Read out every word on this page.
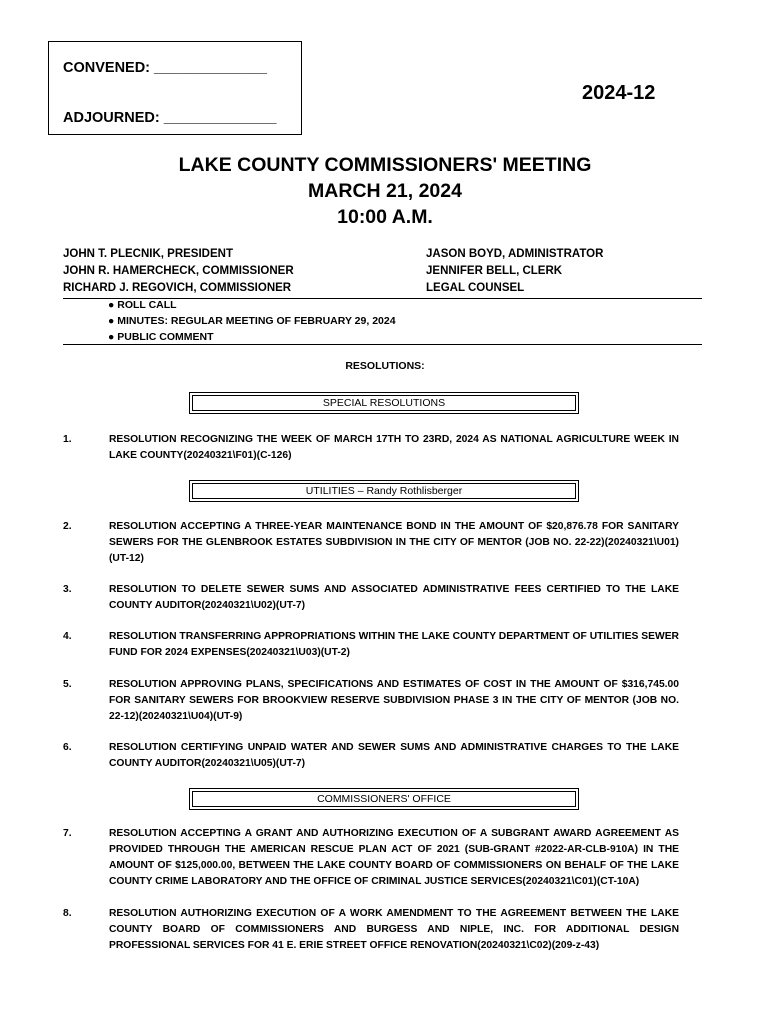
CONVENED: ______________
ADJOURNED: ______________
2024-12
LAKE COUNTY COMMISSIONERS' MEETING
MARCH 21, 2024
10:00 A.M.
JOHN T. PLECNIK, PRESIDENT
JOHN R. HAMERCHECK, COMMISSIONER
RICHARD J. REGOVICH, COMMISSIONER
JASON BOYD, ADMINISTRATOR
JENNIFER BELL, CLERK
LEGAL COUNSEL
● ROLL CALL
● MINUTES: REGULAR MEETING OF FEBRUARY 29, 2024
● PUBLIC COMMENT
RESOLUTIONS:
SPECIAL RESOLUTIONS
1.	RESOLUTION RECOGNIZING THE WEEK OF MARCH 17TH TO 23RD, 2024 AS NATIONAL AGRICULTURE WEEK IN LAKE COUNTY(20240321\F01)(C-126)
UTILITIES – Randy Rothlisberger
2.	RESOLUTION ACCEPTING A THREE-YEAR MAINTENANCE BOND IN THE AMOUNT OF $20,876.78 FOR SANITARY SEWERS FOR THE GLENBROOK ESTATES SUBDIVISION IN THE CITY OF MENTOR (JOB NO. 22-22)(20240321\U01)(UT-12)
3.	RESOLUTION TO DELETE SEWER SUMS AND ASSOCIATED ADMINISTRATIVE FEES CERTIFIED TO THE LAKE COUNTY AUDITOR(20240321\U02)(UT-7)
4.	RESOLUTION TRANSFERRING APPROPRIATIONS WITHIN THE LAKE COUNTY DEPARTMENT OF UTILITIES SEWER FUND FOR 2024 EXPENSES(20240321\U03)(UT-2)
5.	RESOLUTION APPROVING PLANS, SPECIFICATIONS AND ESTIMATES OF COST IN THE AMOUNT OF $316,745.00 FOR SANITARY SEWERS FOR BROOKVIEW RESERVE SUBDIVISION PHASE 3 IN THE CITY OF MENTOR (JOB NO. 22-12)(20240321\U04)(UT-9)
6.	RESOLUTION CERTIFYING UNPAID WATER AND SEWER SUMS AND ADMINISTRATIVE CHARGES TO THE LAKE COUNTY AUDITOR(20240321\U05)(UT-7)
COMMISSIONERS' OFFICE
7.	RESOLUTION ACCEPTING A GRANT AND AUTHORIZING EXECUTION OF A SUBGRANT AWARD AGREEMENT AS PROVIDED THROUGH THE AMERICAN RESCUE PLAN ACT OF 2021 (SUB-GRANT #2022-AR-CLB-910A) IN THE AMOUNT OF $125,000.00, BETWEEN THE LAKE COUNTY BOARD OF COMMISSIONERS ON BEHALF OF THE LAKE COUNTY CRIME LABORATORY AND THE OFFICE OF CRIMINAL JUSTICE SERVICES(20240321\C01)(CT-10A)
8.	RESOLUTION AUTHORIZING EXECUTION OF A WORK AMENDMENT TO THE AGREEMENT BETWEEN THE LAKE COUNTY BOARD OF COMMISSIONERS AND BURGESS AND NIPLE, INC. FOR ADDITIONAL DESIGN PROFESSIONAL SERVICES FOR 41 E. ERIE STREET OFFICE RENOVATION(20240321\C02)(209-z-43)
